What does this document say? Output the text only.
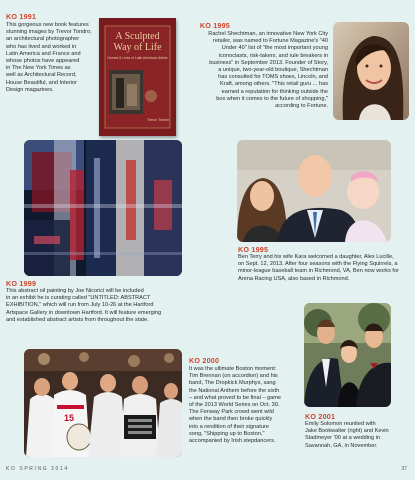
KO 1991
This gorgeous new book features
stunning images by Trevor Tondro,
an architectural photographer
who has lived and worked in
Latin America and France and
whose photos have appeared
in The New York Times as
well as Architectural Record,
House Beautiful, and Interior
Design magazines.
A Sculpted
Way of Life
Homes & Lives of Latin American Artists
Trevor Tondro
KO 1995
Rachel Shechtman, an innovative New York City
retailer, was named to Fortune Magazine's "40
Under 40" list of "the most important young
iconoclasts, risk-takers, and rule breakers in
business" in September 2013. Founder of Story,
a unique, two-year-old boutique, Shechtman
has consulted for TOMS shoes, Lincoln, and
Kraft, among others. "This retail guru ... has
earned a reputation for thinking outside the
box when it comes to the future of shopping,"
according to Fortune.
KO 1995
Ben Terry and his wife Kara welcomed a daughter, Alex Lucille,
on Sept. 12, 2013. After four seasons with the Flying Squirrels, a
minor-league baseball team in Richmond, VA, Ben now works for
Arena Racing USA, also based in Richmond.
KO 1999
This abstract oil painting by Joe Nicorici will be included
in an exhibit he is curating called "UNTITLED: ABSTRACT
EXHIBITION," which will run from July 10-26 at the Hartford
Artspace Gallery in downtown Hartford. It will feature emerging
and established abstract artists from throughout the state.
15
KO 2000
It was the ultimate Boston moment:
Tim Brennan (on accordion) and his
band, The Dropkick Murphys, sang
the National Anthem before the sixth
– and what proved to be final – game
of the 2013 World Series on Oct. 30.
The Fenway Park crowd went wild
when the band then broke quickly
into a rendition of their signature
song, "Shipping up to Boston,"
accompanied by Irish stepdancers.
KO 2001
Emily Solomon reunited with
Jake Bookwalter (right) and Kevin
Stadmeyer '00 at a wedding in
Savannah, GA, in November.
KO SPRING 2014	37
